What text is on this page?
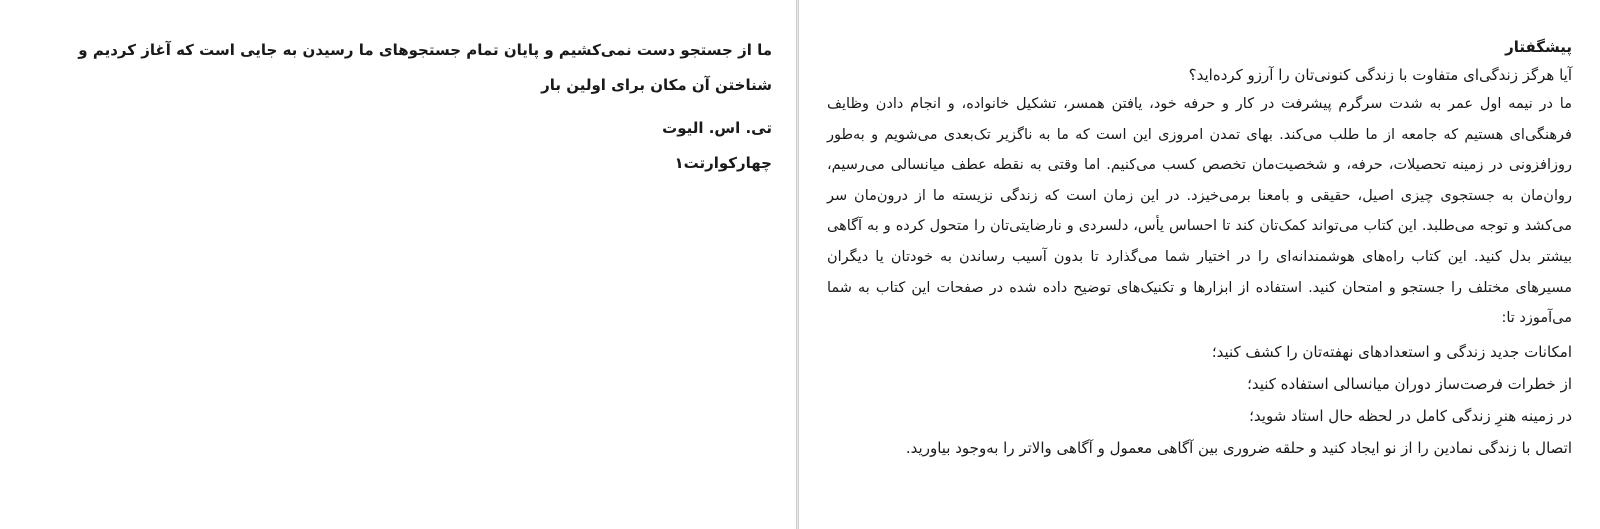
ما از جستجو دست نمی‌کشیم و پایان تمام جستجوهای ما رسیدن به جایی است که آغاز کردیم و شناختن آن مکان برای اولین بار
تی. اس. الیوت
چهارکوارتت۱
پیشگفتار
آیا هرگز زندگی‌ای متفاوت با زندگی کنونی‌تان را آرزو کرده‌اید؟
ما در نیمه اول عمر به شدت سرگرم پیشرفت در کار و حرفه خود، یافتن همسر، تشکیل خانواده، و انجام دادن وظایف فرهنگی‌ای هستیم که جامعه از ما طلب می‌کند. بهای تمدن امروزی این است که ما به ناگزیر تک‌بعدی می‌شویم و به‌طور روزافزونی در زمینه تحصیلات، حرفه، و شخصیت‌مان تخصص کسب می‌کنیم. اما وقتی به نقطه عطف میانسالی می‌رسیم، روان‌مان به جستجوی چیزی اصیل، حقیقی و بامعنا برمی‌خیزد. در این زمان است که زندگی نزیسته ما از درون‌مان سر می‌کشد و توجه می‌طلبد. این کتاب می‌تواند کمک‌تان کند تا احساس یأس، دلسردی و نارضایتی‌تان را متحول کرده و به آگاهی بیشتر بدل کنید. این کتاب راه‌های هوشمندانه‌ای را در اختیار شما می‌گذارد تا بدون آسیب رساندن به خودتان یا دیگران مسیرهای مختلف را جستجو و امتحان کنید. استفاده از ابزارها و تکنیک‌های توضیح داده شده در صفحات این کتاب به شما می‌آموزد تا:
امکانات جدید زندگی و استعدادهای نهفته‌تان را کشف کنید؛
از خطرات فرصت‌ساز دوران میانسالی استفاده کنید؛
در زمینه هنرِ زندگی کامل در لحظه حال استاد شوید؛
اتصال با زندگی نمادین را از نو ایجاد کنید و حلقه ضروری بین آگاهی معمول و آگاهی والاتر را به‌وجود بیاورید.
